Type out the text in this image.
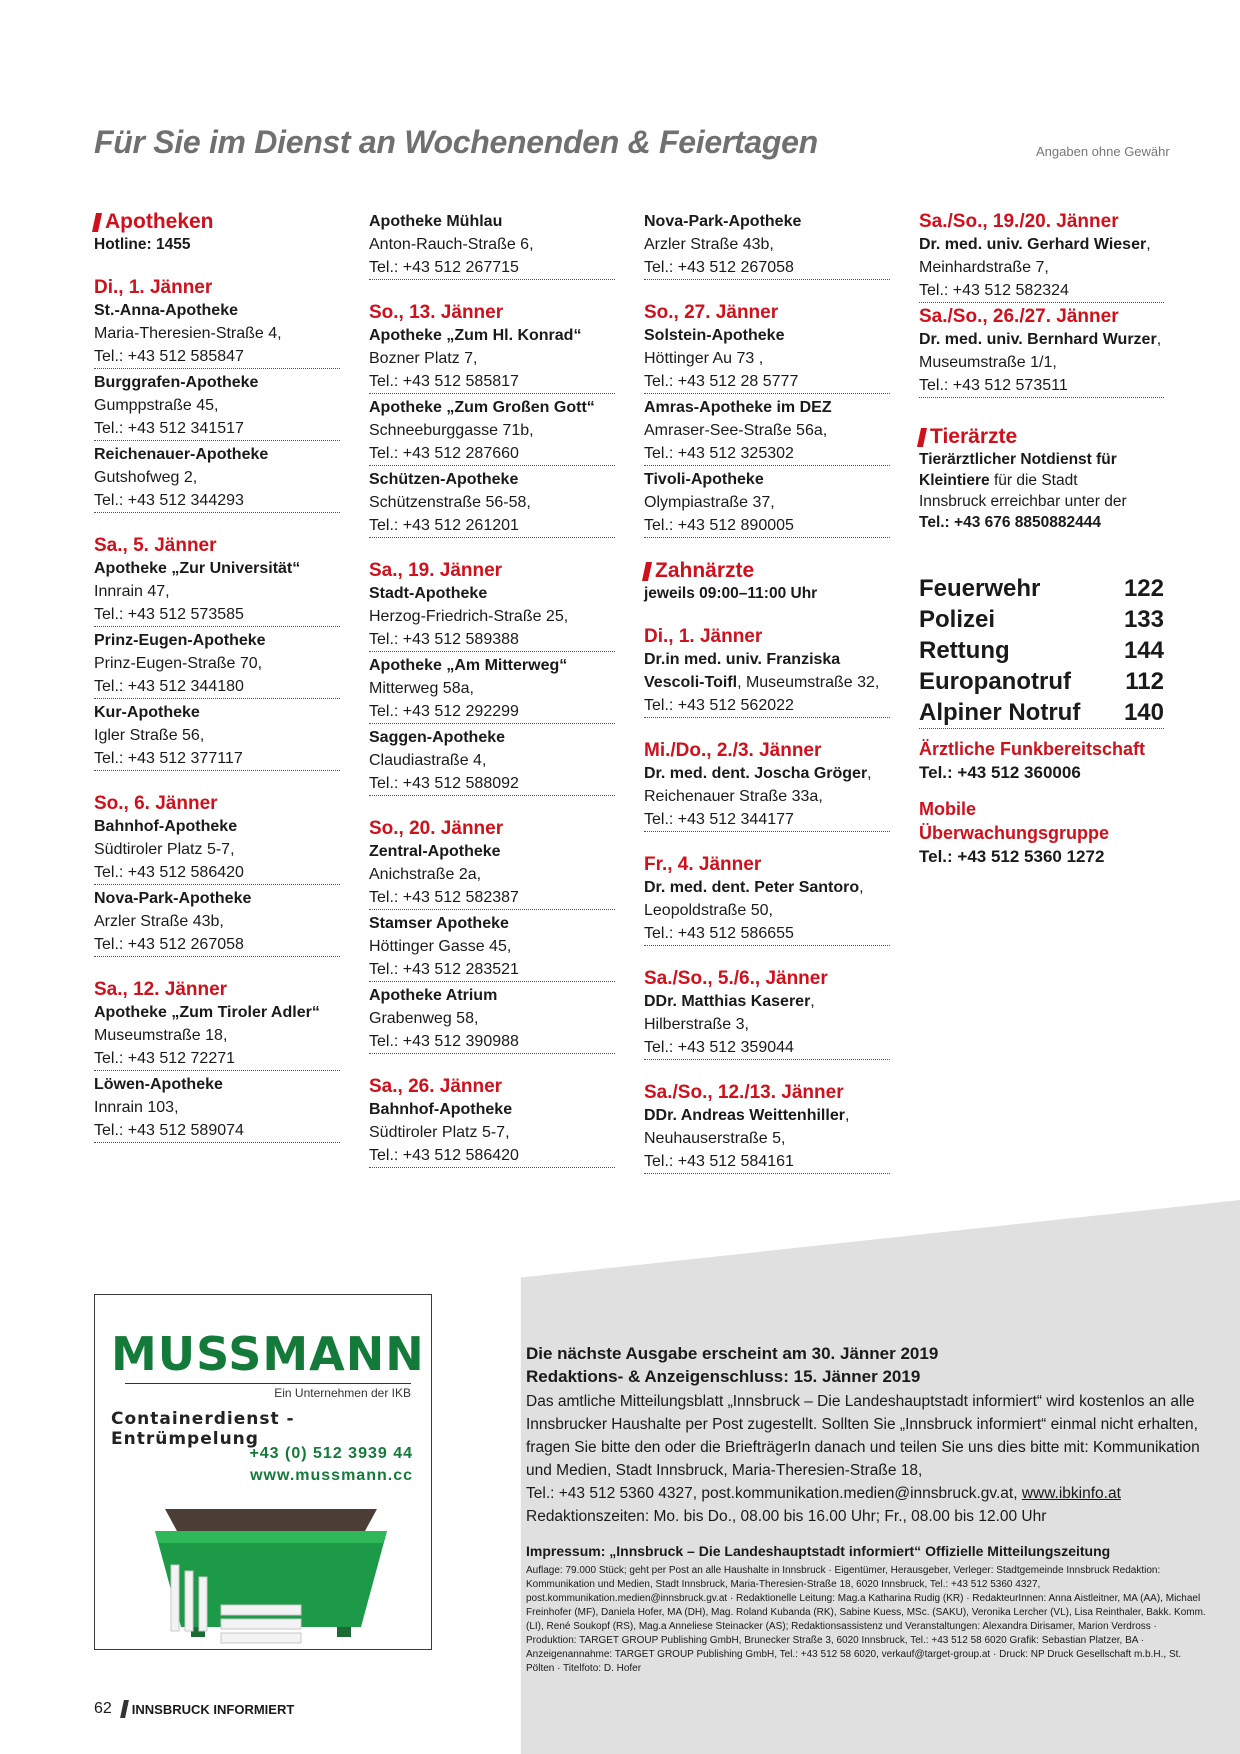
Für Sie im Dienst an Wochenenden & Feiertagen	Angaben ohne Gewähr
Apotheken
Hotline: 1455
Di., 1. Jänner
St.-Anna-Apotheke
Maria-Theresien-Straße 4,
Tel.: +43 512 585847
Burggrafen-Apotheke
Gumppstraße 45,
Tel.: +43 512 341517
Reichenauer-Apotheke
Gutshofweg 2,
Tel.: +43 512 344293
Sa., 5. Jänner
Apotheke „Zur Universität“
Innrain 47,
Tel.: +43 512 573585
Prinz-Eugen-Apotheke
Prinz-Eugen-Straße 70,
Tel.: +43 512 344180
Kur-Apotheke
Igler Straße 56,
Tel.: +43 512 377117
So., 6. Jänner
Bahnhof-Apotheke
Südtiroler Platz 5-7,
Tel.: +43 512 586420
Nova-Park-Apotheke
Arzler Straße 43b,
Tel.: +43 512 267058
Sa., 12. Jänner
Apotheke „Zum Tiroler Adler“
Museumstraße 18,
Tel.: +43 512 72271
Löwen-Apotheke
Innrain 103,
Tel.: +43 512 589074
Apotheke Mühlau
Anton-Rauch-Straße 6,
Tel.: +43 512 267715
So., 13. Jänner
Apotheke „Zum Hl. Konrad“
Bozner Platz 7,
Tel.: +43 512 585817
Apotheke „Zum Großen Gott“
Schneeburggasse 71b,
Tel.: +43 512 287660
Schützen-Apotheke
Schützenstraße 56-58,
Tel.: +43 512 261201
Sa., 19. Jänner
Stadt-Apotheke
Herzog-Friedrich-Straße 25,
Tel.: +43 512 589388
Apotheke „Am Mitterweg“
Mitterweg 58a,
Tel.: +43 512 292299
Saggen-Apotheke
Claudiastraße 4,
Tel.: +43 512 588092
So., 20. Jänner
Zentral-Apotheke
Anichstraße 2a,
Tel.: +43 512 582387
Stamser Apotheke
Höttinger Gasse 45,
Tel.: +43 512 283521
Apotheke Atrium
Grabenweg 58,
Tel.: +43 512 390988
Sa., 26. Jänner
Bahnhof-Apotheke
Südtiroler Platz 5-7,
Tel.: +43 512 586420
Nova-Park-Apotheke
Arzler Straße 43b,
Tel.: +43 512 267058
So., 27. Jänner
Solstein-Apotheke
Höttinger Au 73 ,
Tel.: +43 512 28 5777
Amras-Apotheke im DEZ
Amraser-See-Straße 56a,
Tel.: +43 512 325302
Tivoli-Apotheke
Olympiastraße 37,
Tel.: +43 512 890005
Zahnärzte
jeweils 09:00–11:00 Uhr
Di., 1. Jänner
Dr.in med. univ. Franziska
Vescoli-Toifl, Museumstraße 32,
Tel.: +43 512 562022
Mi./Do., 2./3. Jänner
Dr. med. dent. Joscha Gröger,
Reichenauer Straße 33a,
Tel.: +43 512 344177
Fr., 4. Jänner
Dr. med. dent. Peter Santoro,
Leopoldstraße 50,
Tel.: +43 512 586655
Sa./So., 5./6., Jänner
DDr. Matthias Kaserer,
Hilberstraße 3,
Tel.: +43 512 359044
Sa./So., 12./13. Jänner
DDr. Andreas Weittenhiller,
Neuhauserstraße 5,
Tel.: +43 512 584161
Sa./So., 19./20. Jänner
Dr. med. univ. Gerhard Wieser,
Meinhardstraße 7,
Tel.: +43 512 582324
Sa./So., 26./27. Jänner
Dr. med. univ. Bernhard Wurzer,
Museumstraße 1/1,
Tel.: +43 512 573511
Tierärzte
Tierärztlicher Notdienst für
Kleintiere für die Stadt
Innsbruck erreichbar unter der
Tel.: +43 676 8850882444
Feuerwehr	122
Polizei	133
Rettung	144
Europanotruf 112
Alpiner Notruf 140
Ärztliche Funkbereitschaft
Tel.: +43 512 360006
Mobile Überwachungsgruppe
Tel.: +43 512 5360 1272
MUSSMANN
Ein Unternehmen der IKB
Containerdienst - Entrümpelung
+43 (0) 512 3939 44
www.mussmann.cc
Die nächste Ausgabe erscheint am 30. Jänner 2019
Redaktions- & Anzeigenschluss: 15. Jänner 2019
Das amtliche Mitteilungsblatt „Innsbruck – Die Landeshauptstadt informiert“ wird kostenlos an alle Innsbrucker Haushalte per Post zugestellt. Sollten Sie „Innsbruck informiert“ einmal nicht erhalten, fragen Sie bitte den oder die BriefträgerIn danach und teilen Sie uns dies bitte mit: Kommunikation und Medien, Stadt Innsbruck, Maria-Theresien-Straße 18,
Tel.: +43 512 5360 4327, post.kommunikation.medien@innsbruck.gv.at, www.ibkinfo.at
Redaktionszeiten: Mo. bis Do., 08.00 bis 16.00 Uhr; Fr., 08.00 bis 12.00 Uhr
Impressum: „Innsbruck – Die Landeshauptstadt informiert“ Offizielle Mitteilungszeitung
Auflage: 79.000 Stück; geht per Post an alle Haushalte in Innsbruck · Eigentümer, Herausgeber, Verleger: Stadtgemeinde Innsbruck Redaktion: Kommunikation und Medien, Stadt Innsbruck, Maria-Theresien-Straße 18, 6020 Innsbruck, Tel.: +43 512 5360 4327, post.kommunikation.medien@innsbruck.gv.at · Redaktionelle Leitung: Mag.a Katharina Rudig (KR) · RedakteurInnen: Anna Aistleitner, MA (AA), Michael Freinhofer (MF), Daniela Hofer, MA (DH), Mag. Roland Kubanda (RK), Sabine Kuess, MSc. (SAKU), Veronika Lercher (VL), Lisa Reinthaler, Bakk. Komm. (LI), René Soukopf (RS), Mag.a Anneliese Steinacker (AS); Redaktionsassistenz und Veranstaltungen: Alexandra Dirisamer, Marion Verdross · Produktion: TARGET GROUP Publishing GmbH, Brunecker Straße 3, 6020 Innsbruck, Tel.: +43 512 58 6020 Grafik: Sebastian Platzer, BA · Anzeigenannahme: TARGET GROUP Publishing GmbH, Tel.: +43 512 58 6020, verkauf@target-group.at · Druck: NP Druck Gesellschaft m.b.H., St. Pölten · Titelfoto: D. Hofer
62 INNSBRUCK INFORMIERT
